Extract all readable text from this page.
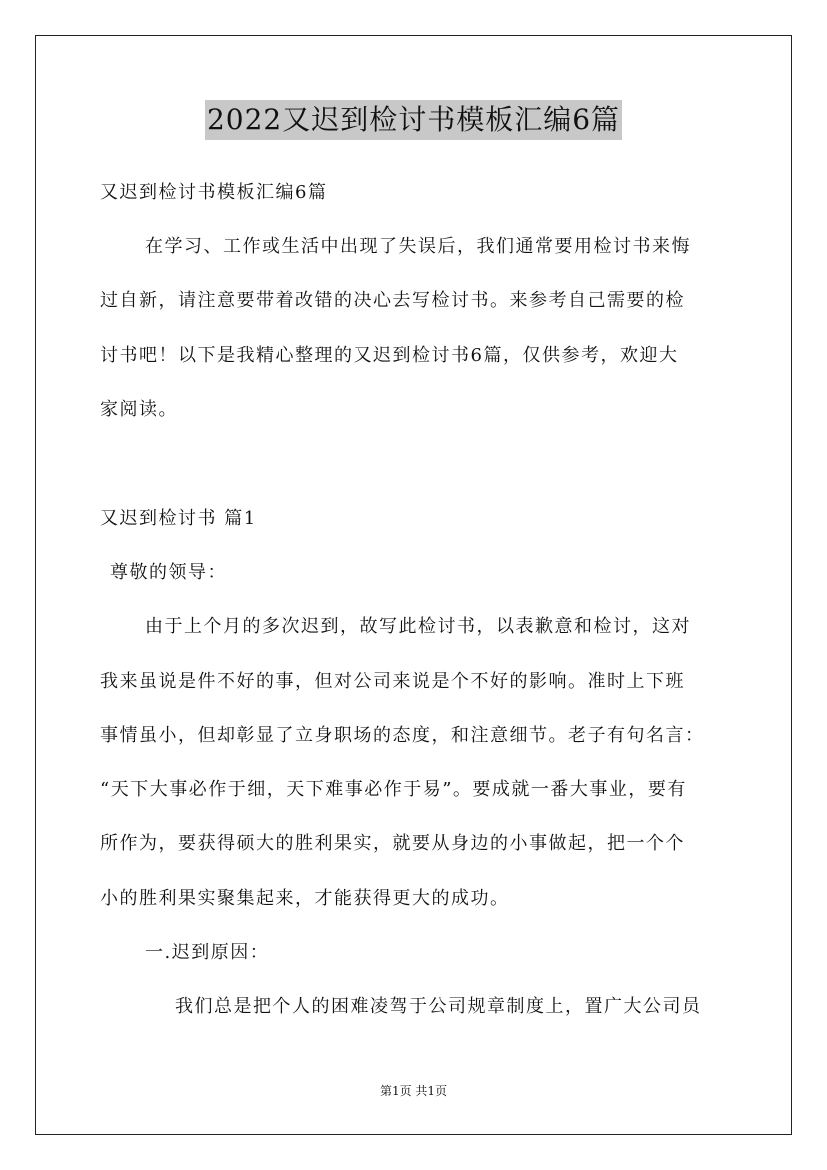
2022又迟到检讨书模板汇编6篇
又迟到检讨书模板汇编6篇
在学习、工作或生活中出现了失误后，我们通常要用检讨书来悔
过自新，请注意要带着改错的决心去写检讨书。来参考自己需要的检
讨书吧！以下是我精心整理的又迟到检讨书6篇，仅供参考，欢迎大
家阅读。
又迟到检讨书 篇1
尊敬的领导：
由于上个月的多次迟到，故写此检讨书，以表歉意和检讨，这对
我来虽说是件不好的事，但对公司来说是个不好的影响。准时上下班
事情虽小，但却彰显了立身职场的态度，和注意细节。老子有句名言：
“天下大事必作于细，天下难事必作于易”。要成就一番大事业，要有
所作为，要获得硕大的胜利果实，就要从身边的小事做起，把一个个
小的胜利果实聚集起来，才能获得更大的成功。
一.迟到原因：
我们总是把个人的困难凌驾于公司规章制度上，置广大公司员
第1页 共1页
